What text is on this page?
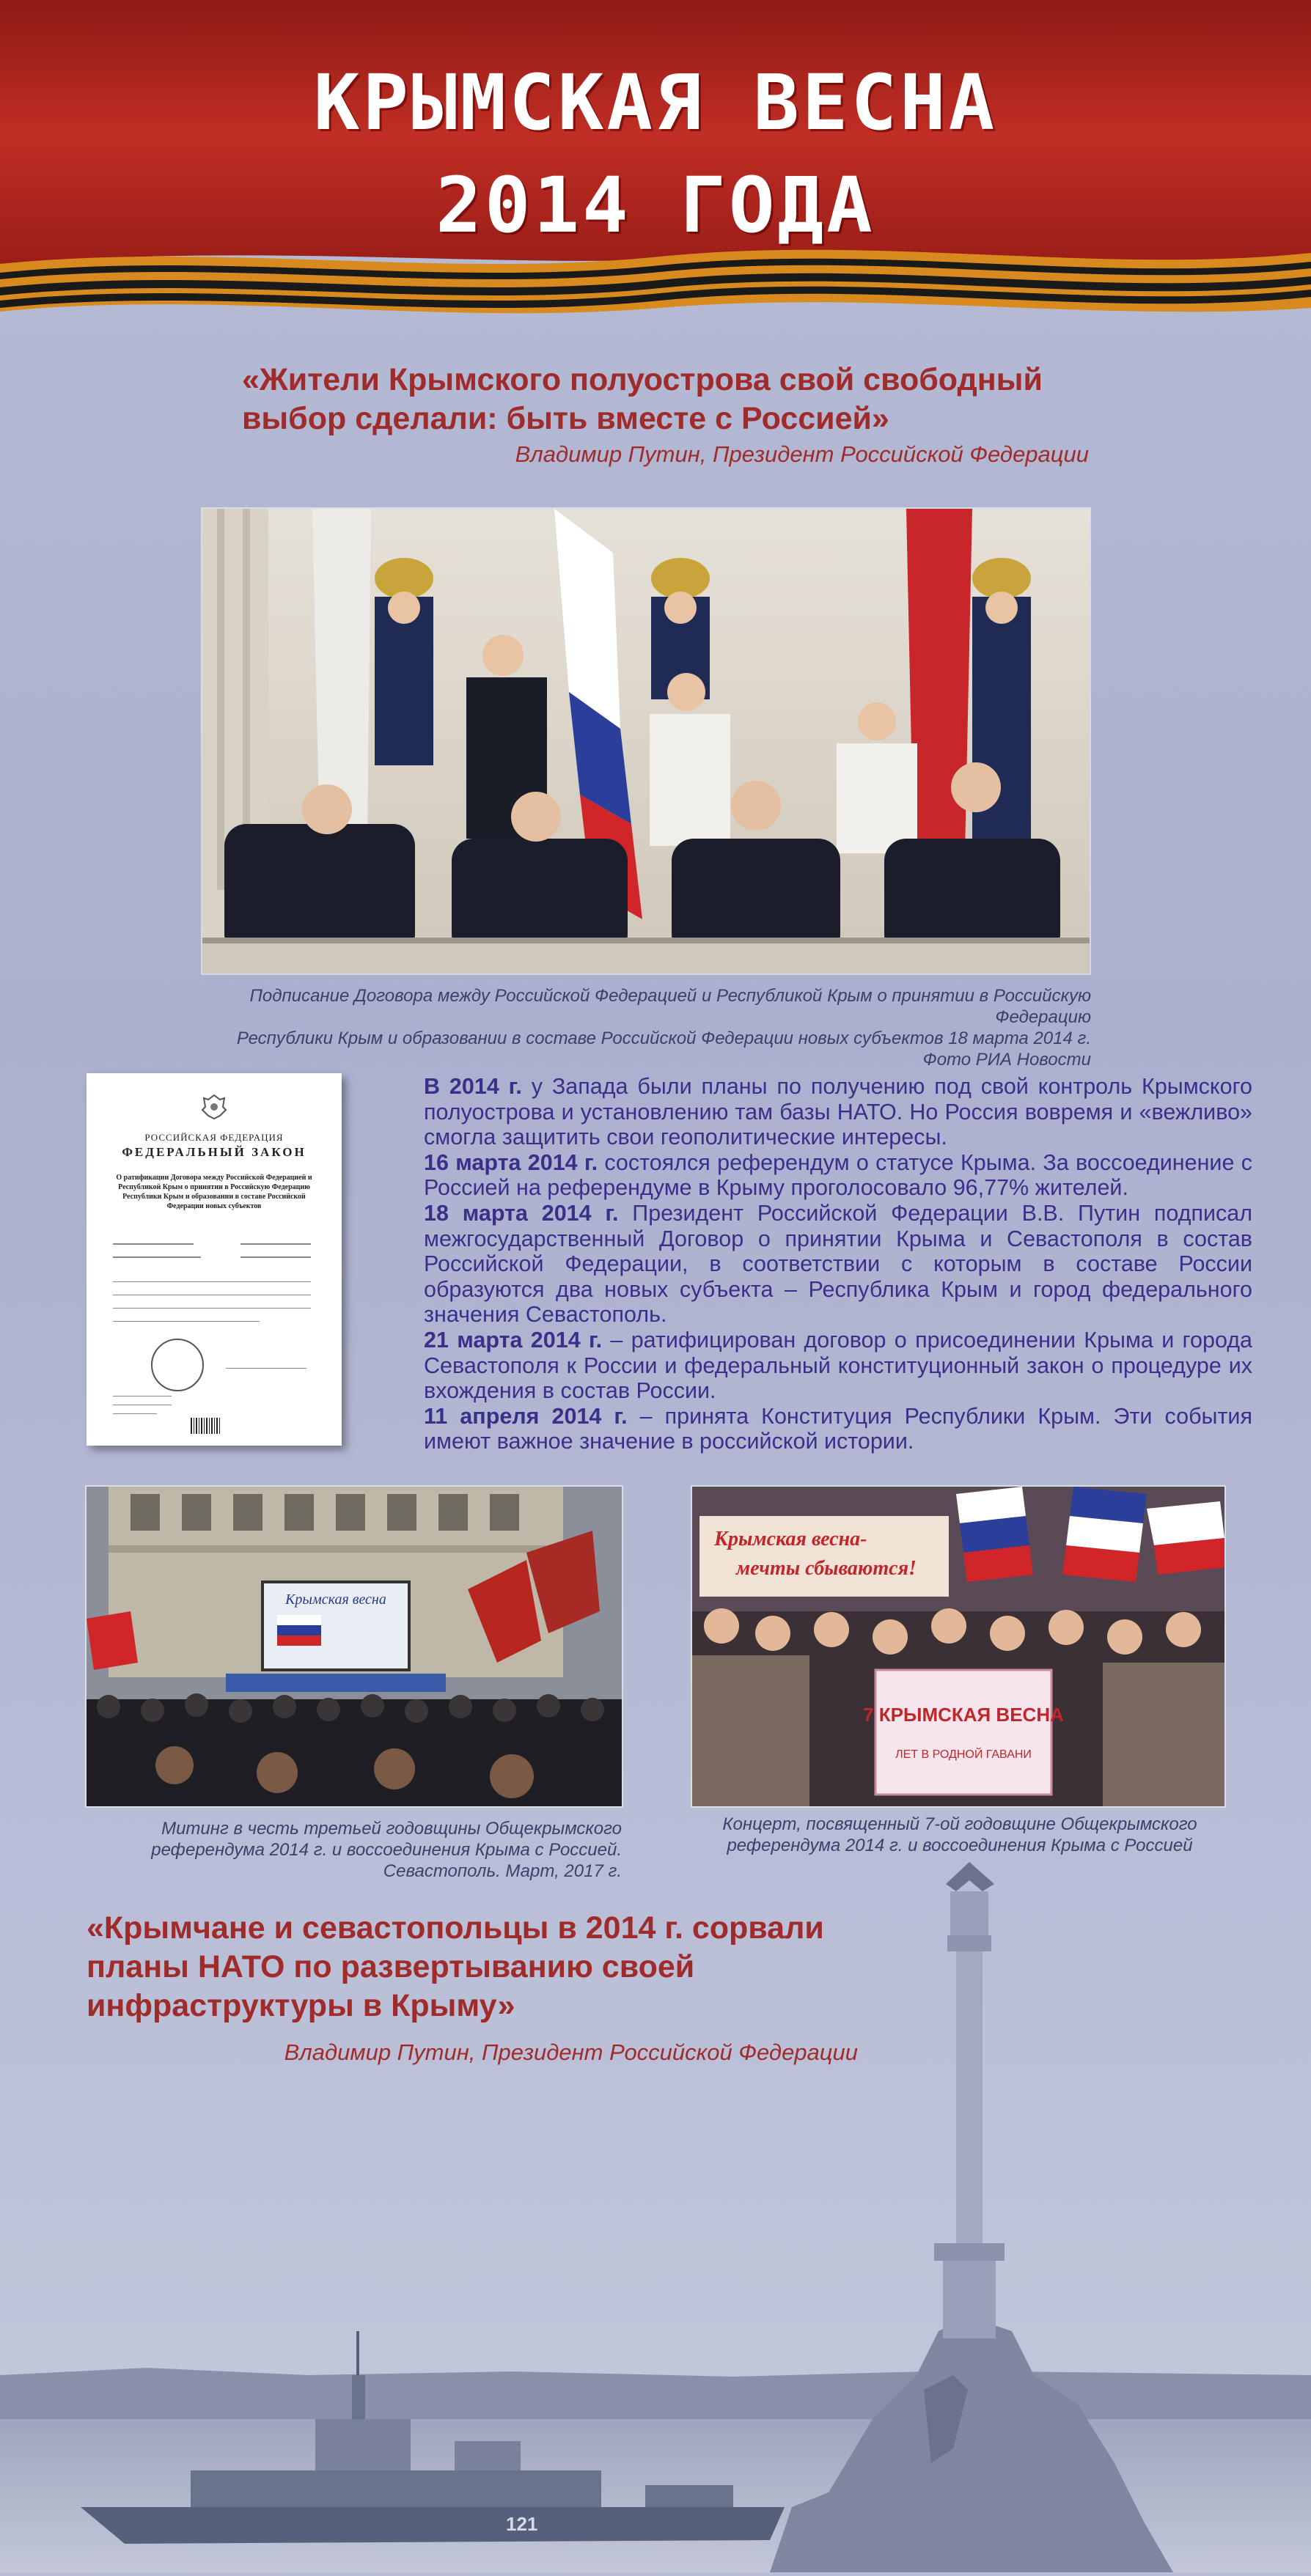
КРЫМСКАЯ ВЕСНА
2014 ГОДА
«Жители Крымского полуострова свой свободный выбор сделали: быть вместе с Россией»
Владимир Путин, Президент Российской Федерации
Подписание Договора между Российской Федерацией и Республикой Крым о принятии в Российскую Федерацию
Республики Крым и образовании в составе Российской Федерации новых субъектов 18 марта 2014 г.
Фото РИА Новости
РОССИЙСКАЯ ФЕДЕРАЦИЯ
ФЕДЕРАЛЬНЫЙ ЗАКОН
О ратификации Договора между Российской Федерацией и Республикой Крым о принятии в Российскую Федерацию Республики Крым и образовании в составе Российской Федерации новых субъектов

В 2014 г. у Запада были планы по получению под свой контроль Крымского полуострова и установлению там базы НАТО. Но Россия вовремя и «вежливо» смогла защитить свои геополитические интересы.

16 марта 2014 г. состоялся референдум о статусе Крыма. За воссоединение с Россией на референдуме в Крыму проголосовало 96,77% жителей.

18 марта 2014 г. Президент Российской Федерации В.В. Путин подписал межгосударственный Договор о принятии Крыма и Севастополя в состав Российской Федерации, в соответствии с которым в составе России образуются два новых субъекта – Республика Крым и город федерального значения Севастополь.

21 марта 2014 г. – ратифицирован договор о присоединении Крыма и города Севастополя к России и федеральный конституционный закон о процедуре их вхождения в состав России.

11 апреля 2014 г. – принята Конституция Республики Крым. Эти события имеют важное значение в российской истории.

Крымская весна
Митинг в честь третьей годовщины Общекрымского
референдума 2014 г. и воссоединения Крыма с Россией.
Крымская весна-
мечты сбываются!
7 КРЫМСКАЯ ВЕСНА
ЛЕТ В РОДНОЙ ГАВАНИ
Концерт, посвященный 7-ой годовщине Общекрымского
референдума 2014 г. и воссоединения Крыма с Россией
121
«Крымчане и севастопольцы в 2014 г. сорвали планы НАТО по развертыванию своей инфраструктуры в Крыму»
Владимир Путин, Президент Российской Федерации
